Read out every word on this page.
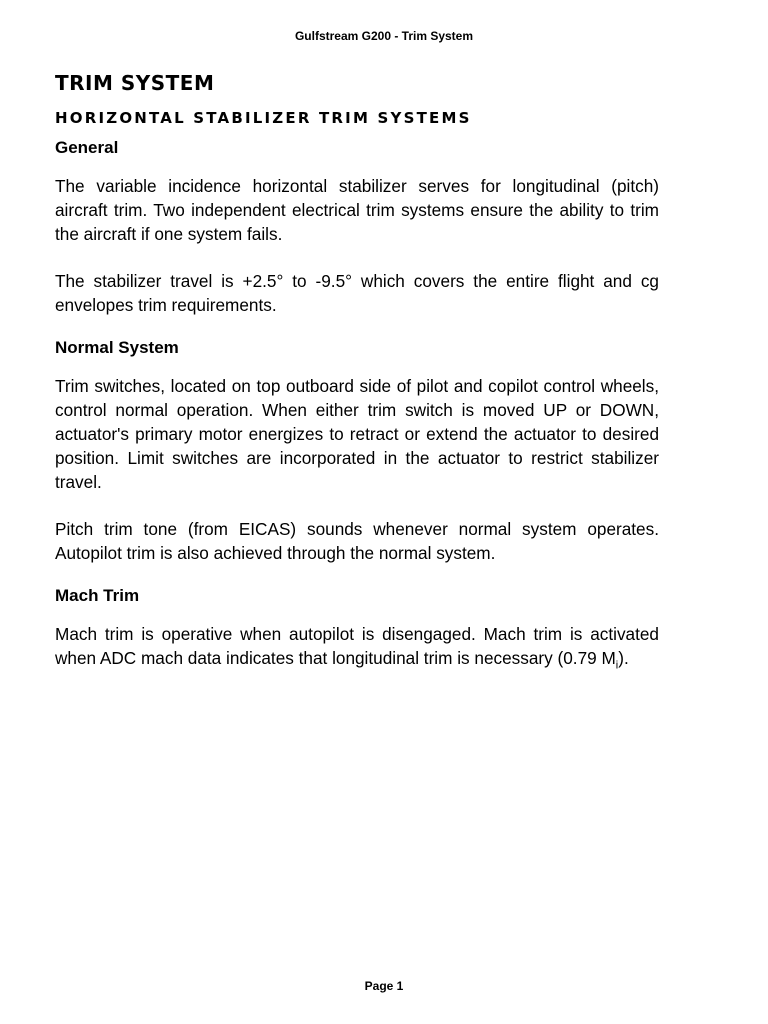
Gulfstream G200 - Trim System
TRIM SYSTEM
HORIZONTAL STABILIZER TRIM SYSTEMS
General

The variable incidence horizontal stabilizer serves for longitudinal (pitch) aircraft trim. Two independent electrical trim systems ensure the ability to trim the aircraft if one system fails.

The stabilizer travel is +2.5° to -9.5° which covers the entire flight and cg envelopes trim requirements.

Normal System

Trim switches, located on top outboard side of pilot and copilot control wheels, control normal operation. When either trim switch is moved UP or DOWN, actuator's primary motor energizes to retract or extend the actuator to desired position. Limit switches are incorporated in the actuator to restrict stabilizer travel.

Pitch trim tone (from EICAS) sounds whenever normal system operates. Autopilot trim is also achieved through the normal system.

Mach Trim

Mach trim is operative when autopilot is disengaged. Mach trim is activated when ADC mach data indicates that longitudinal trim is necessary (0.79 $M_i$).

Page 1
